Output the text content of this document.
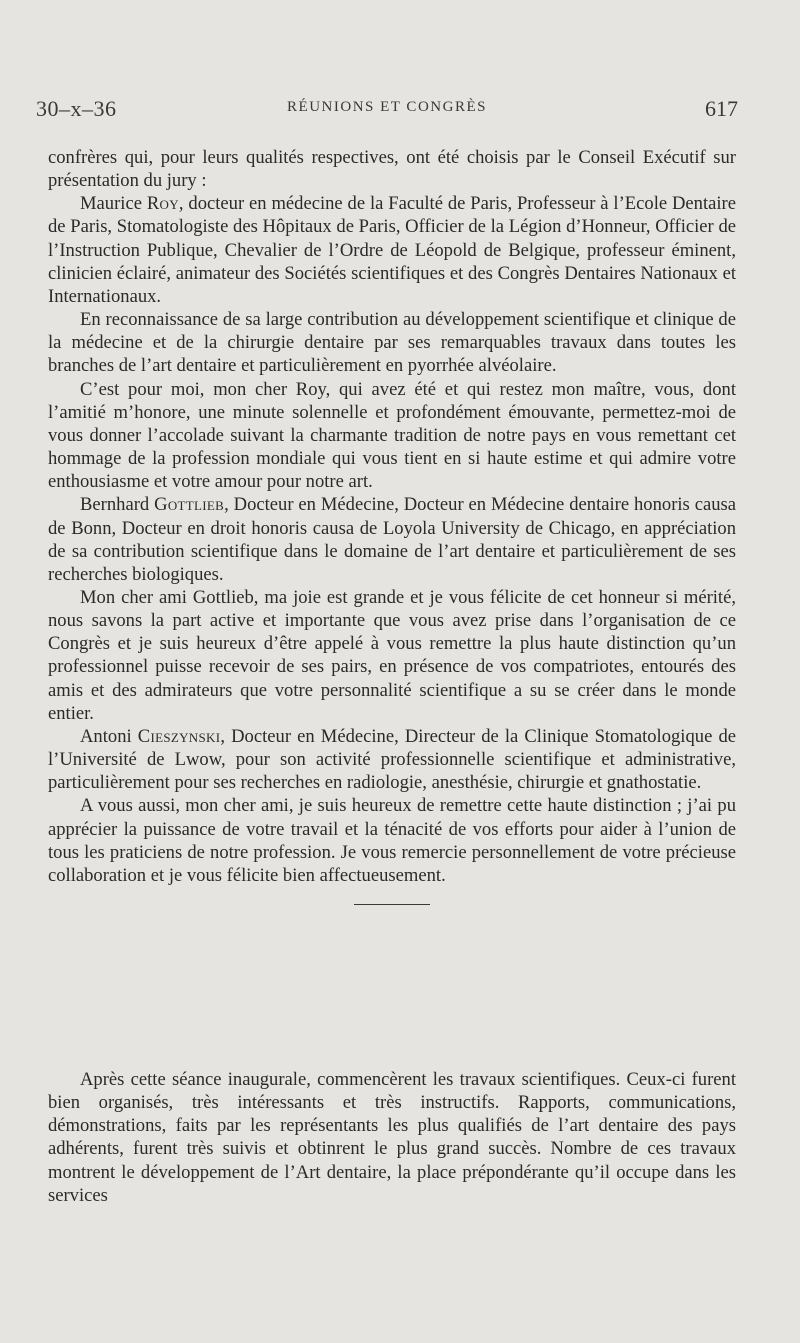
30–x–36	RÉUNIONS ET CONGRÈS	617

confrères qui, pour leurs qualités respectives, ont été choisis par le Conseil Exécutif sur présentation du jury :

Maurice Roy, docteur en médecine de la Faculté de Paris, Professeur à l’Ecole Dentaire de Paris, Stomatologiste des Hôpitaux de Paris, Officier de la Légion d’Honneur, Officier de l’Instruction Publique, Chevalier de l’Ordre de Léopold de Belgique, professeur éminent, clinicien éclairé, animateur des Sociétés scientifiques et des Congrès Dentaires Nationaux et Internationaux.

En reconnaissance de sa large contribution au développement scientifique et clinique de la médecine et de la chirurgie dentaire par ses remarquables travaux dans toutes les branches de l’art dentaire et particulièrement en pyorrhée alvéolaire.

C’est pour moi, mon cher Roy, qui avez été et qui restez mon maître, vous, dont l’amitié m’honore, une minute solennelle et profondément émouvante, permettez-moi de vous donner l’accolade suivant la charmante tradition de notre pays en vous remettant cet hommage de la profession mondiale qui vous tient en si haute estime et qui admire votre enthousiasme et votre amour pour notre art.

Bernhard Gottlieb, Docteur en Médecine, Docteur en Médecine dentaire honoris causa de Bonn, Docteur en droit honoris causa de Loyola University de Chicago, en appréciation de sa contribution scientifique dans le domaine de l’art dentaire et particulièrement de ses recherches biologiques.

Mon cher ami Gottlieb, ma joie est grande et je vous félicite de cet honneur si mérité, nous savons la part active et importante que vous avez prise dans l’organisation de ce Congrès et je suis heureux d’être appelé à vous remettre la plus haute distinction qu’un professionnel puisse recevoir de ses pairs, en présence de vos compatriotes, entourés des amis et des admirateurs que votre personnalité scientifique a su se créer dans le monde entier.

Antoni Cieszynski, Docteur en Médecine, Directeur de la Clinique Stomatologique de l’Université de Lwow, pour son activité professionnelle scientifique et administrative, particulièrement pour ses recherches en radiologie, anesthésie, chirurgie et gnathostatie.

A vous aussi, mon cher ami, je suis heureux de remettre cette haute distinction ; j’ai pu apprécier la puissance de votre travail et la ténacité de vos efforts pour aider à l’union de tous les praticiens de notre profession. Je vous remercie personnellement de votre précieuse collaboration et je vous félicite bien affectueusement.

Après cette séance inaugurale, commencèrent les travaux scientifiques. Ceux-ci furent bien organisés, très intéressants et très instructifs. Rapports, communications, démonstrations, faits par les représentants les plus qualifiés de l’art dentaire des pays adhérents, furent très suivis et obtinrent le plus grand succès. Nombre de ces travaux montrent le développement de l’Art dentaire, la place prépondérante qu’il occupe dans les services
